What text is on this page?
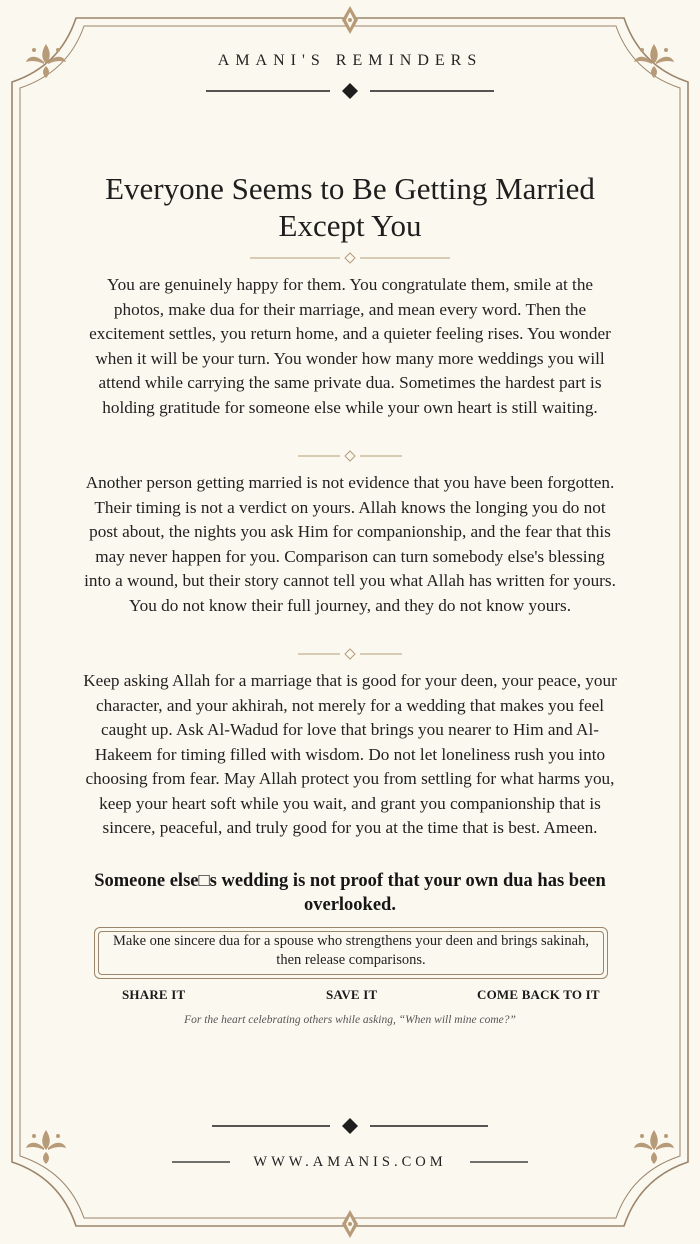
AMANI'S REMINDERS
Everyone Seems to Be Getting Married Except You

You are genuinely happy for them. You congratulate them, smile at the photos, make dua for their marriage, and mean every word. Then the excitement settles, you return home, and a quieter feeling rises. You wonder when it will be your turn. You wonder how many more weddings you will attend while carrying the same private dua. Sometimes the hardest part is holding gratitude for someone else while your own heart is still waiting.

Another person getting married is not evidence that you have been forgotten. Their timing is not a verdict on yours. Allah knows the longing you do not post about, the nights you ask Him for companionship, and the fear that this may never happen for you. Comparison can turn somebody else's blessing into a wound, but their story cannot tell you what Allah has written for yours. You do not know their full journey, and they do not know yours.

Keep asking Allah for a marriage that is good for your deen, your peace, your character, and your akhirah, not merely for a wedding that makes you feel caught up. Ask Al-Wadud for love that brings you nearer to Him and Al-Hakeem for timing filled with wisdom. Do not let loneliness rush you into choosing from fear. May Allah protect you from settling for what harms you, keep your heart soft while you wait, and grant you companionship that is sincere, peaceful, and truly good for you at the time that is best. Ameen.

Someone else□s wedding is not proof that your own dua has been overlooked.

Make one sincere dua for a spouse who strengthens your deen and brings sakinah, then release comparisons.

SHARE IT	SAVE IT	COME BACK TO IT

For the heart celebrating others while asking, “When will mine come?”

WWW.AMANIS.COM
